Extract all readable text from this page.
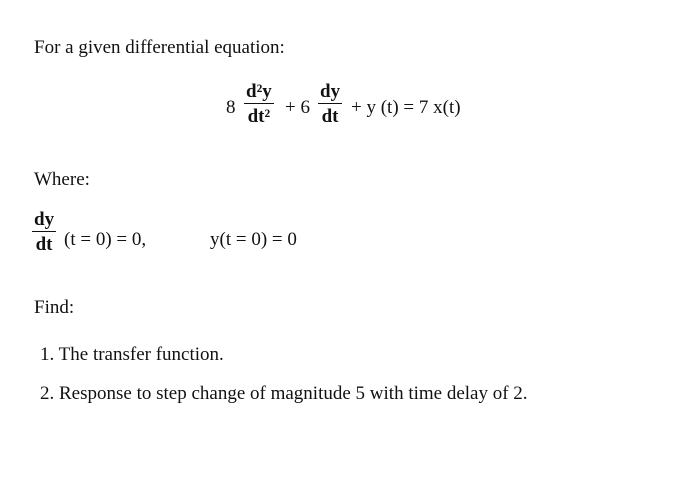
For a given differential equation:
8
d²y
dt² + 6
dy
dt + y (t) = 7 x(t)
Where:
dy
dt (t = 0) = 0,	y(t = 0) = 0
Find:
1. The transfer function.
2. Response to step change of magnitude 5 with time delay of 2.
